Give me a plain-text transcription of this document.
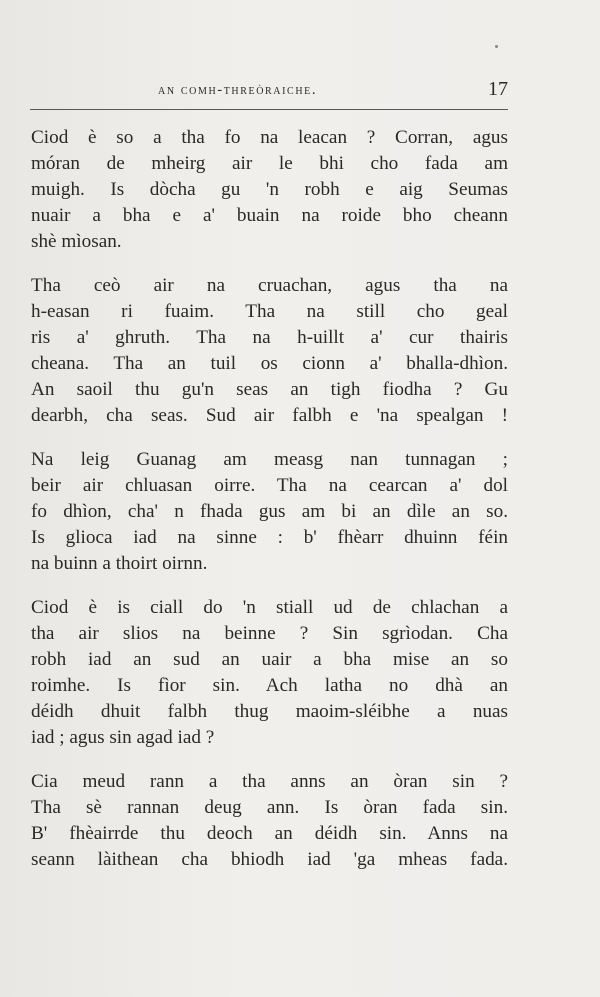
an comh-threòraiche.	17

Ciod è so a tha fo na leacan ? Corran, agus
móran de mheirg air le bhi cho fada am
muigh. Is dòcha gu 'n robh e aig Seumas
nuair a bha e a' buain na roide bho cheann
shè mìosan.

Tha ceò air na cruachan, agus tha na
h-easan ri fuaim. Tha na still cho geal
ris a' ghruth. Tha na h-uillt a' cur thairis
cheana. Tha an tuil os cionn a' bhalla-dhìon.
An saoil thu gu'n seas an tigh fiodha ? Gu
dearbh, cha seas. Sud air falbh e 'na spealgan !

Na leig Guanag am measg nan tunnagan ;
beir air chluasan oirre. Tha na cearcan a' dol
fo dhìon, cha' n fhada gus am bi an dìle an so.
Is glioca iad na sinne : b' fhèarr dhuinn féin
na buinn a thoirt oirnn.

Ciod è is ciall do 'n stiall ud de chlachan a
tha air slios na beinne ? Sin sgrìodan. Cha
robh iad an sud an uair a bha mise an so
roimhe. Is fìor sin. Ach latha no dhà an
déidh dhuit falbh thug maoim-sléibhe a nuas
iad ; agus sin agad iad ?

Cia meud rann a tha anns an òran sin ?
Tha sè rannan deug ann. Is òran fada sin.
B' fhèairrde thu deoch an déidh sin. Anns na
seann làithean cha bhiodh iad 'ga mheas fada.
